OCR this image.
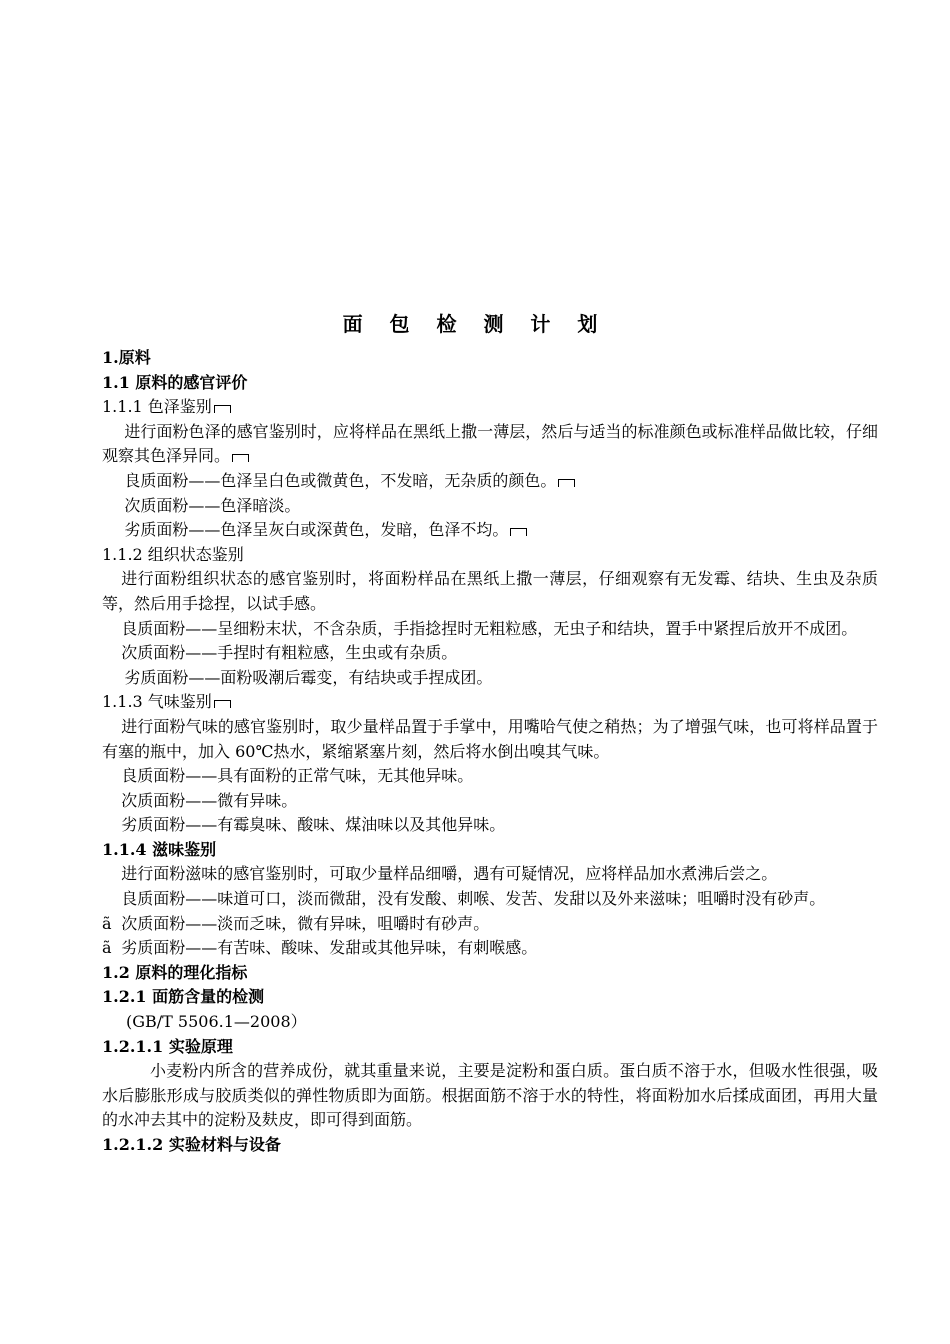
面 包 检 测 计 划

1.原料

1.1 原料的感官评价

1.1.1 色泽鉴别

进行面粉色泽的感官鉴别时，应将样品在黑纸上撒一薄层，然后与适当的标准颜色或标准样品做比较，仔细观察其色泽异同。

良质面粉——色泽呈白色或微黄色，不发暗，无杂质的颜色。

次质面粉——色泽暗淡。

劣质面粉——色泽呈灰白或深黄色，发暗，色泽不均。

1.1.2 组织状态鉴别

进行面粉组织状态的感官鉴别时，将面粉样品在黑纸上撒一薄层，仔细观察有无发霉、结块、生虫及杂质等，然后用手捻捏，以试手感。

良质面粉——呈细粉末状，不含杂质，手指捻捏时无粗粒感，无虫子和结块，置手中紧捏后放开不成团。

次质面粉——手捏时有粗粒感，生虫或有杂质。

劣质面粉——面粉吸潮后霉变，有结块或手捏成团。

1.1.3 气味鉴别

进行面粉气味的感官鉴别时，取少量样品置于手掌中，用嘴哈气使之稍热；为了增强气味，也可将样品置于有塞的瓶中，加入 60℃热水，紧缩紧塞片刻，然后将水倒出嗅其气味。

良质面粉——具有面粉的正常气味，无其他异味。

次质面粉——微有异味。

劣质面粉——有霉臭味、酸味、煤油味以及其他异味。

1.1.4 滋味鉴别

进行面粉滋味的感官鉴别时，可取少量样品细嚼，遇有可疑情况，应将样品加水煮沸后尝之。

良质面粉——味道可口，淡而微甜，没有发酸、刺喉、发苦、发甜以及外来滋味；咀嚼时没有砂声。

ã 次质面粉——淡而乏味，微有异味，咀嚼时有砂声。

ã 劣质面粉——有苦味、酸味、发甜或其他异味，有刺喉感。

1.2 原料的理化指标

1.2.1 面筋含量的检测

(GB/T 5506.1—2008）

1.2.1.1 实验原理

小麦粉内所含的营养成份，就其重量来说，主要是淀粉和蛋白质。蛋白质不溶于水，但吸水性很强，吸水后膨胀形成与胶质类似的弹性物质即为面筋。根据面筋不溶于水的特性，将面粉加水后揉成面团，再用大量的水冲去其中的淀粉及麸皮，即可得到面筋。

1.2.1.2 实验材料与设备
